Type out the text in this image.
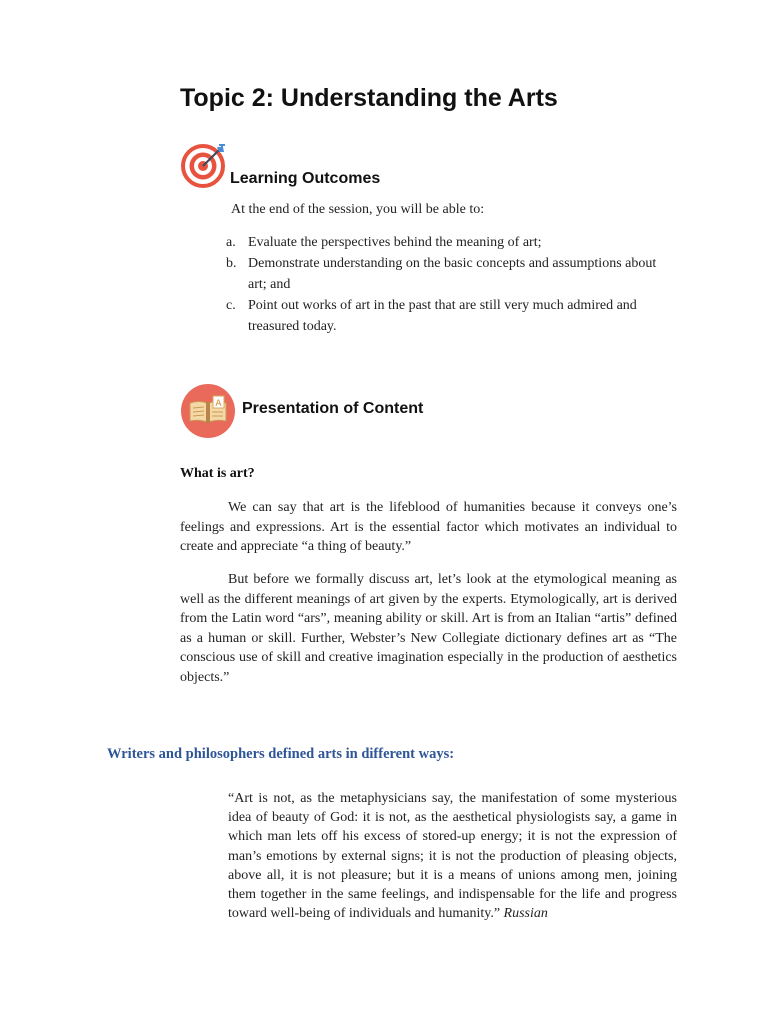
Topic 2: Understanding the Arts
Learning Outcomes

At the end of the session, you will be able to:

a. Evaluate the perspectives behind the meaning of art;
b. Demonstrate understanding on the basic concepts and assumptions about art; and
c. Point out works of art in the past that are still very much admired and treasured today.
A Presentation of Content
What is art?

We can say that art is the lifeblood of humanities because it conveys one’s feelings and expressions. Art is the essential factor which motivates an individual to create and appreciate “a thing of beauty.”

But before we formally discuss art, let’s look at the etymological meaning as well as the different meanings of art given by the experts. Etymologically, art is derived from the Latin word “ars”, meaning ability or skill. Art is from an Italian “artis” defined as a human or skill. Further, Webster’s New Collegiate dictionary defines art as “The conscious use of skill and creative imagination especially in the production of aesthetics objects.”

Writers and philosophers defined arts in different ways:

“Art is not, as the metaphysicians say, the manifestation of some mysterious idea of beauty of God: it is not, as the aesthetical physiologists say, a game in which man lets off his excess of stored-up energy; it is not the expression of man’s emotions by external signs; it is not the production of pleasing objects, above all, it is not pleasure; but it is a means of unions among men, joining them together in the same feelings, and indispensable for the life and progress toward well-being of individuals and humanity.” Russian
